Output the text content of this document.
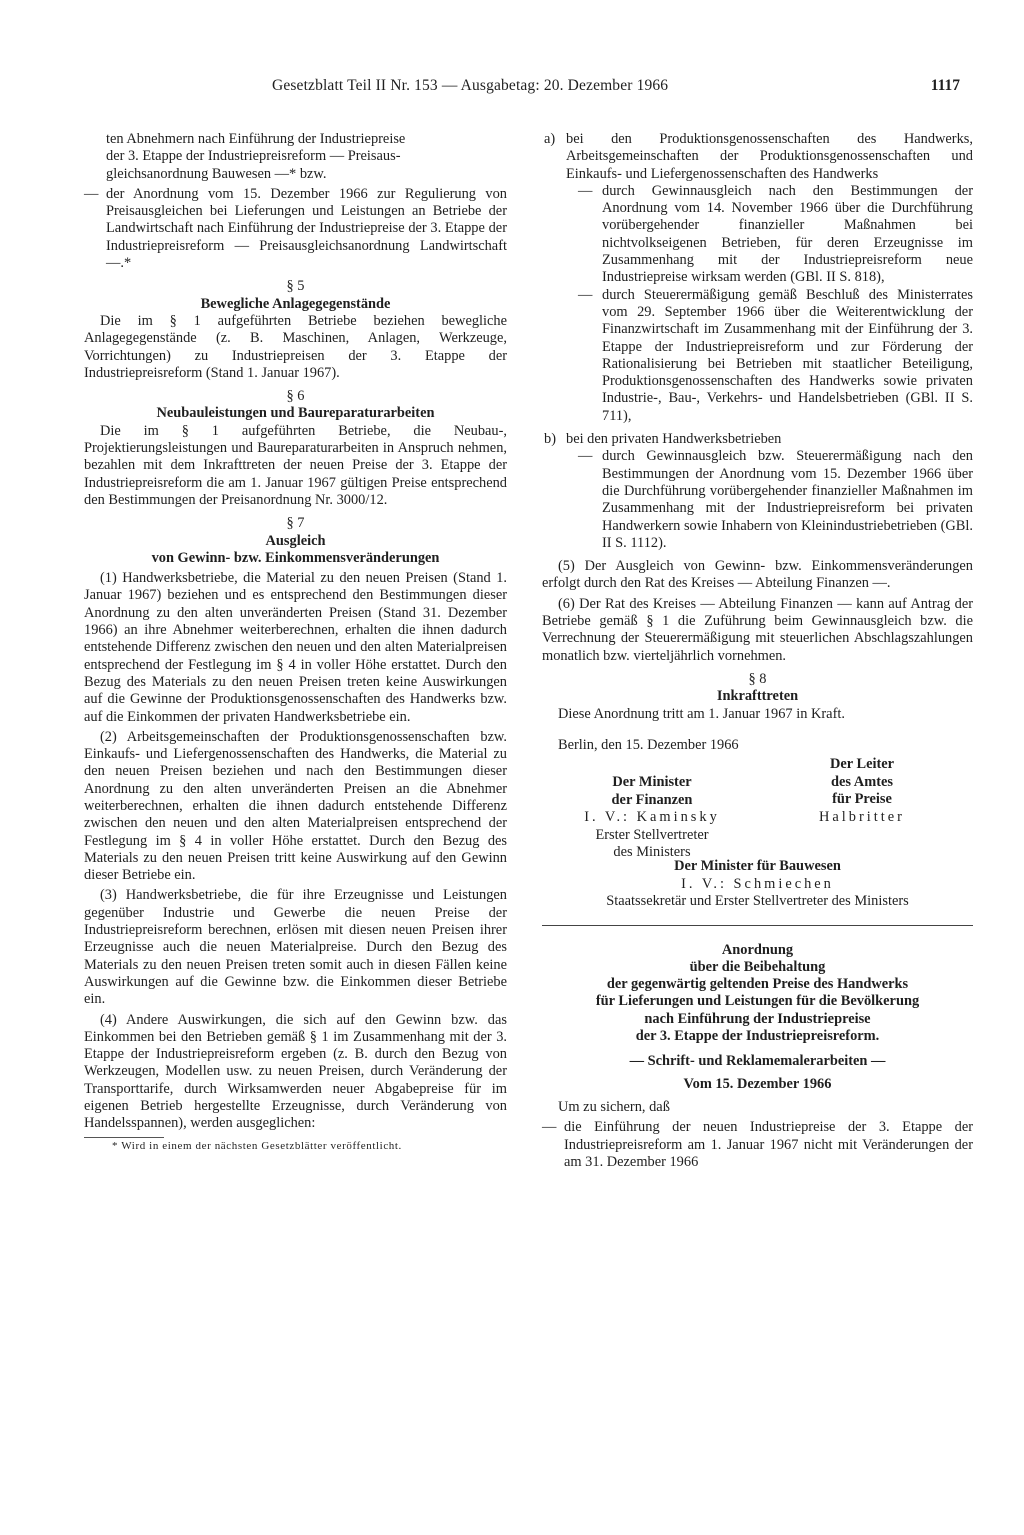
Gesetzblatt Teil II Nr. 153 — Ausgabetag: 20. Dezember 1966	1117
ten Abnehmern nach Einführung der Industriepreise
der 3. Etappe der Industriepreisreform — Preisaus-
gleichsanordnung Bauwesen —* bzw.

— der Anordnung vom 15. Dezember 1966 zur Regulierung von Preisausgleichen bei Lieferungen und Leistungen an Betriebe der Landwirtschaft nach Einführung der Industriepreise der 3. Etappe der Industriepreisreform — Preisausgleichsanordnung Landwirtschaft —.*

§ 5

Bewegliche Anlagegegenstände

Die im § 1 aufgeführten Betriebe beziehen bewegliche Anlagegegenstände (z. B. Maschinen, Anlagen, Werkzeuge, Vorrichtungen) zu Industriepreisen der 3. Etappe der Industriepreisreform (Stand 1. Januar 1967).

§ 6

Neubauleistungen und Baureparaturarbeiten

Die im § 1 aufgeführten Betriebe, die Neubau-, Projektierungsleistungen und Baureparaturarbeiten in Anspruch nehmen, bezahlen mit dem Inkrafttreten der neuen Preise der 3. Etappe der Industriepreisreform die am 1. Januar 1967 gültigen Preise entsprechend den Bestimmungen der Preisanordnung Nr. 3000/12.

§ 7

Ausgleich

von Gewinn- bzw. Einkommensveränderungen

(1) Handwerksbetriebe, die Material zu den neuen Preisen (Stand 1. Januar 1967) beziehen und es entsprechend den Bestimmungen dieser Anordnung zu den alten unveränderten Preisen (Stand 31. Dezember 1966) an ihre Abnehmer weiterberechnen, erhalten die ihnen dadurch entstehende Differenz zwischen den neuen und den alten Materialpreisen entsprechend der Festlegung im § 4 in voller Höhe erstattet. Durch den Bezug des Materials zu den neuen Preisen treten keine Auswirkungen auf die Gewinne der Produktionsgenossenschaften des Handwerks bzw. auf die Einkommen der privaten Handwerksbetriebe ein.

(2) Arbeitsgemeinschaften der Produktionsgenossenschaften bzw. Einkaufs- und Liefergenossenschaften des Handwerks, die Material zu den neuen Preisen beziehen und nach den Bestimmungen dieser Anordnung zu den alten unveränderten Preisen an die Abnehmer weiterberechnen, erhalten die ihnen dadurch entstehende Differenz zwischen den neuen und den alten Materialpreisen entsprechend der Festlegung im § 4 in voller Höhe erstattet. Durch den Bezug des Materials zu den neuen Preisen tritt keine Auswirkung auf den Gewinn dieser Betriebe ein.

(3) Handwerksbetriebe, die für ihre Erzeugnisse und Leistungen gegenüber Industrie und Gewerbe die neuen Preise der Industriepreisreform berechnen, erlösen mit diesen neuen Preisen ihrer Erzeugnisse auch die neuen Materialpreise. Durch den Bezug des Materials zu den neuen Preisen treten somit auch in diesen Fällen keine Auswirkungen auf die Gewinne bzw. die Einkommen dieser Betriebe ein.

(4) Andere Auswirkungen, die sich auf den Gewinn bzw. das Einkommen bei den Betrieben gemäß § 1 im Zusammenhang mit der 3. Etappe der Industriepreisreform ergeben (z. B. durch den Bezug von Werkzeugen, Modellen usw. zu neuen Preisen, durch Veränderung der Transporttarife, durch Wirksamwerden neuer Abgabepreise für im eigenen Betrieb hergestellte Erzeugnisse, durch Veränderung von Handelsspannen), werden ausgeglichen:

* Wird in einem der nächsten Gesetzblätter veröffentlicht.

a) bei den Produktionsgenossenschaften des Handwerks, Arbeitsgemeinschaften der Produktionsgenossenschaften und Einkaufs- und Liefergenossenschaften des Handwerks

— durch Gewinnausgleich nach den Bestimmungen der Anordnung vom 14. November 1966 über die Durchführung vorübergehender finanzieller Maßnahmen bei nichtvolkseigenen Betrieben, für deren Erzeugnisse im Zusammenhang mit der Industriepreisreform neue Industriepreise wirksam werden (GBl. II S. 818),

— durch Steuerermäßigung gemäß Beschluß des Ministerrates vom 29. September 1966 über die Weiterentwicklung der Finanzwirtschaft im Zusammenhang mit der Einführung der 3. Etappe der Industriepreisreform und zur Förderung der Rationalisierung bei Betrieben mit staatlicher Beteiligung, Produktionsgenossenschaften des Handwerks sowie privaten Industrie-, Bau-, Verkehrs- und Handelsbetrieben (GBl. II S. 711),

b) bei den privaten Handwerksbetrieben

— durch Gewinnausgleich bzw. Steuerermäßigung nach den Bestimmungen der Anordnung vom 15. Dezember 1966 über die Durchführung vorübergehender finanzieller Maßnahmen im Zusammenhang mit der Industriepreisreform bei privaten Handwerkern sowie Inhabern von Kleinindustriebetrieben (GBl. II S. 1112).

(5) Der Ausgleich von Gewinn- bzw. Einkommensveränderungen erfolgt durch den Rat des Kreises — Abteilung Finanzen —.

(6) Der Rat des Kreises — Abteilung Finanzen — kann auf Antrag der Betriebe gemäß § 1 die Zuführung beim Gewinnausgleich bzw. die Verrechnung der Steuerermäßigung mit steuerlichen Abschlagszahlungen monatlich bzw. vierteljährlich vornehmen.

§ 8

Inkrafttreten

Diese Anordnung tritt am 1. Januar 1967 in Kraft.

Berlin, den 15. Dezember 1966

Der Minister
der Finanzen
I. V.: Kaminsky
Erster Stellvertreter
des Ministers
Der Leiter
des Amtes
für Preise
Halbritter
Der Minister für Bauwesen
I. V.: Schmiechen
Staatssekretär und Erster Stellvertreter des Ministers

Anordnung

über die Beibehaltung

der gegenwärtig geltenden Preise des Handwerks

für Lieferungen und Leistungen für die Bevölkerung

nach Einführung der Industriepreise

der 3. Etappe der Industriepreisreform.

— Schrift- und Reklamemalerarbeiten —

Vom 15. Dezember 1966

Um zu sichern, daß

— die Einführung der neuen Industriepreise der 3. Etappe der Industriepreisreform am 1. Januar 1967 nicht mit Veränderungen der am 31. Dezember 1966
